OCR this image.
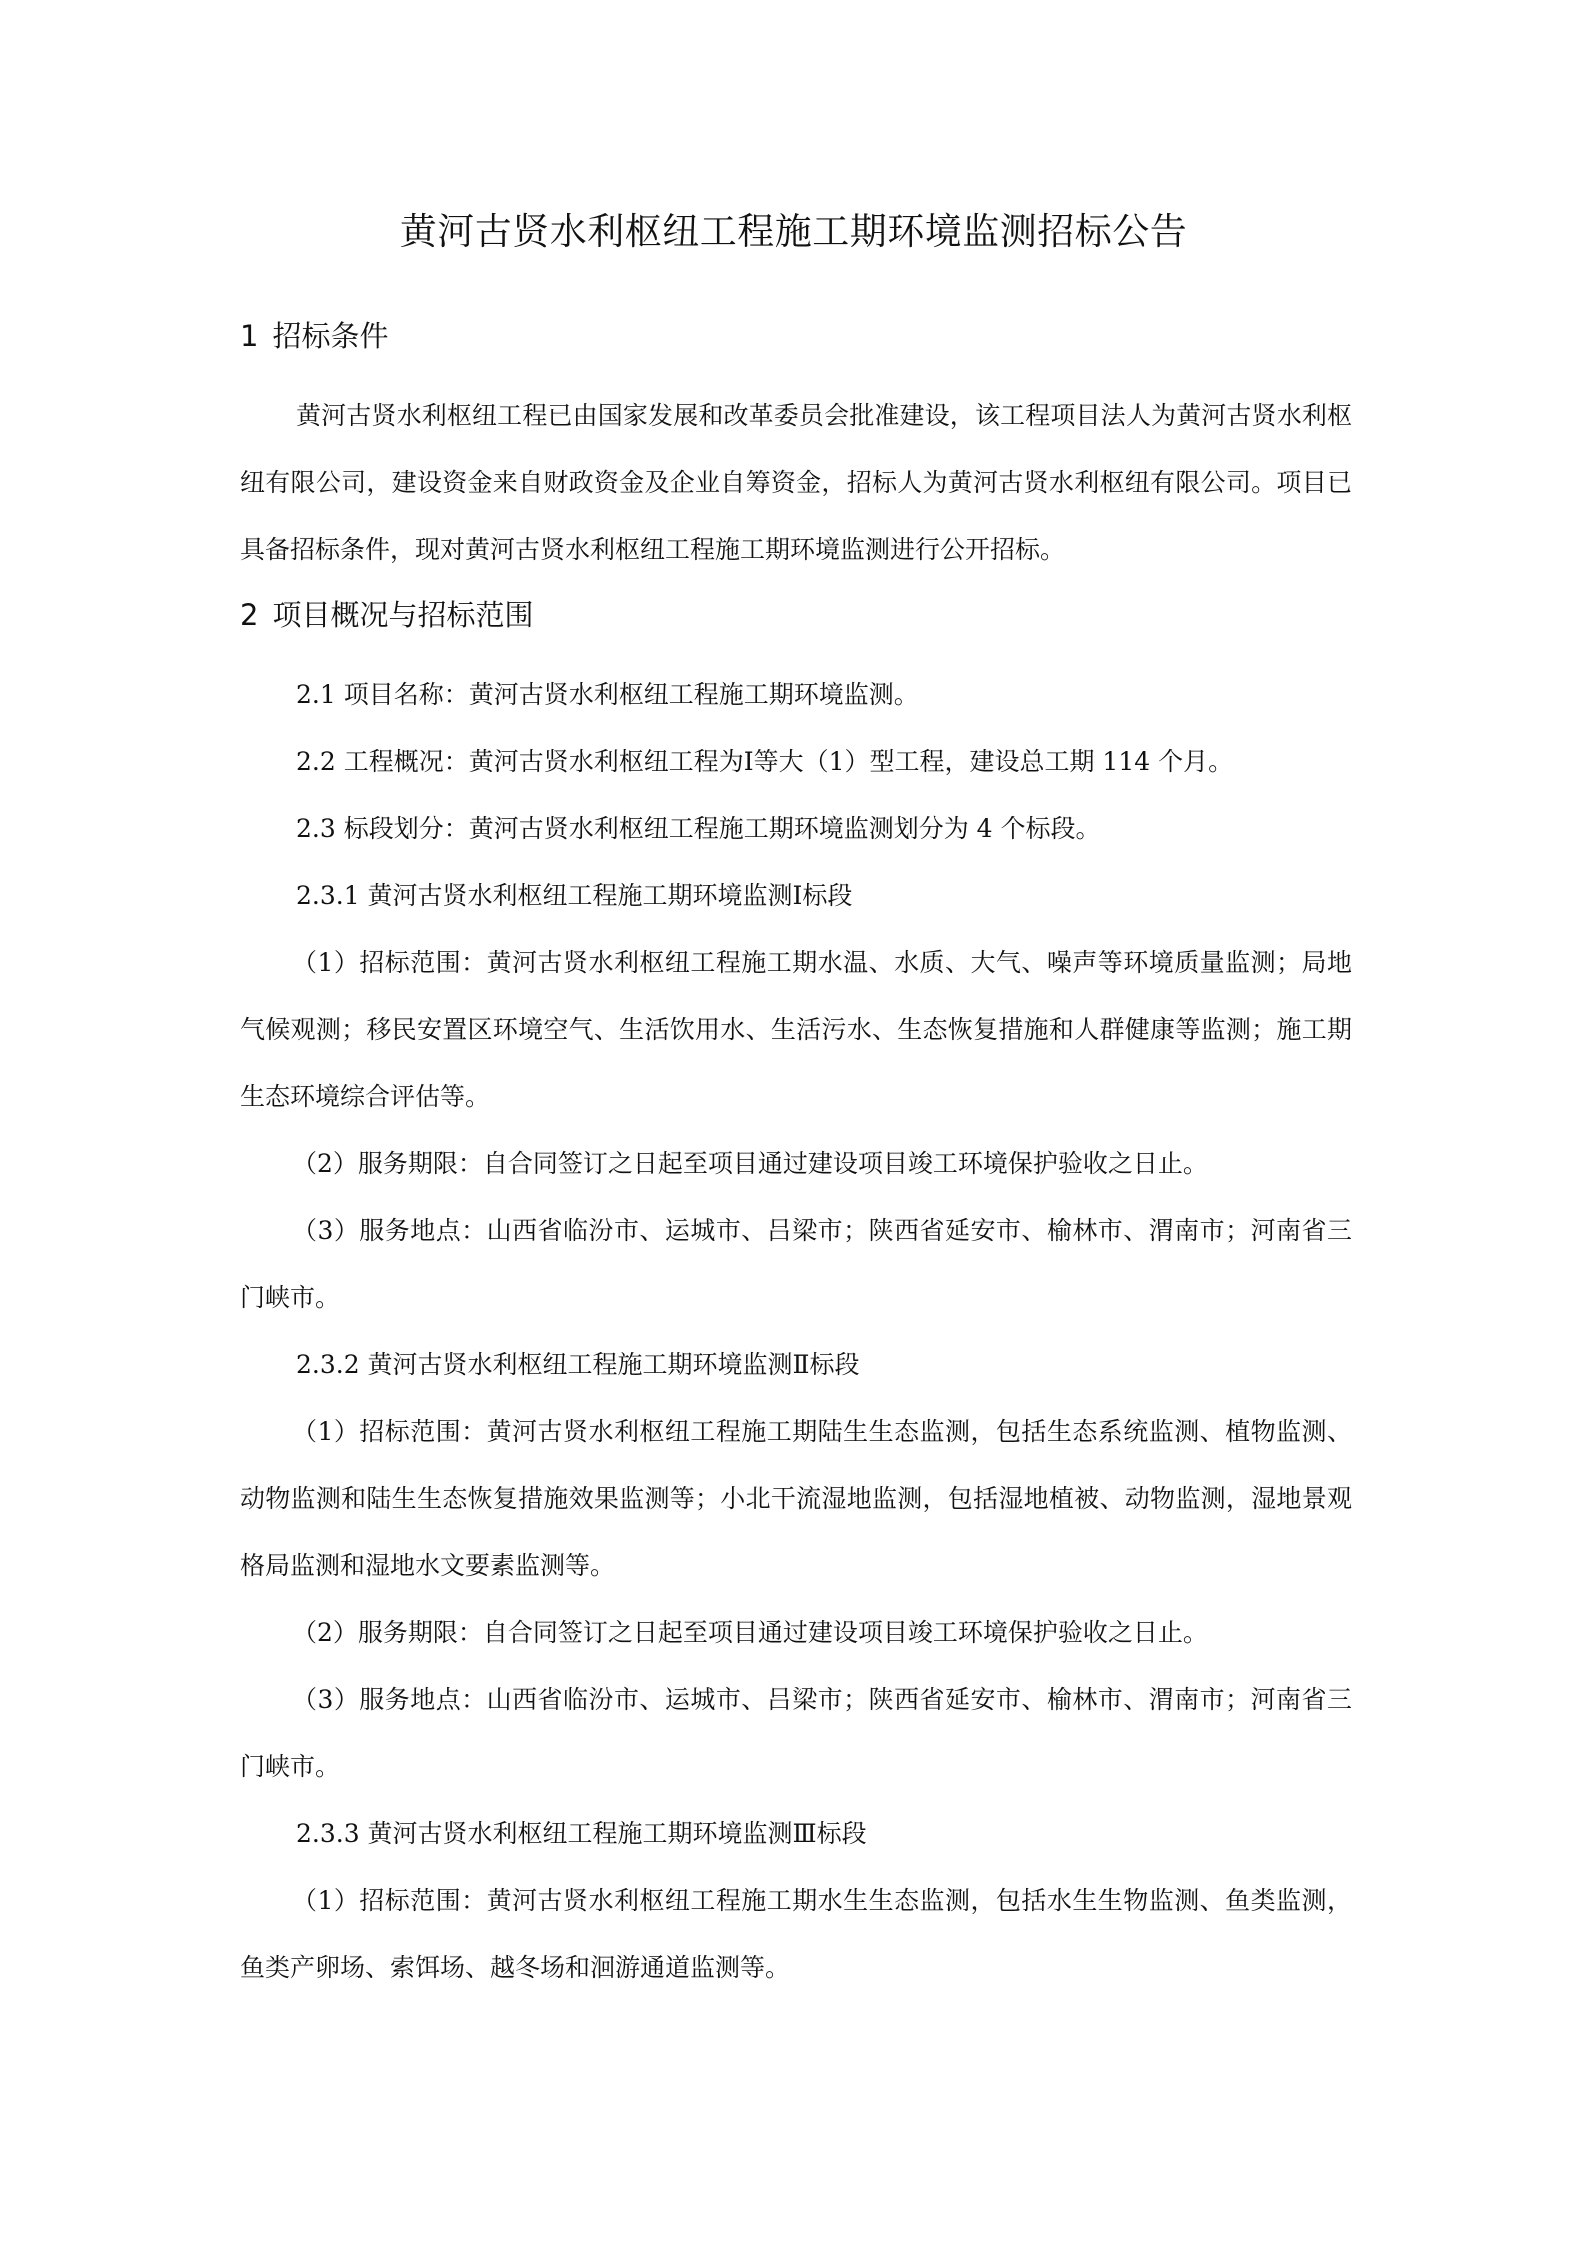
黄河古贤水利枢纽工程施工期环境监测招标公告
1 招标条件

黄河古贤水利枢纽工程已由国家发展和改革委员会批准建设，该工程项目法人为黄河古贤水利枢纽有限公司，建设资金来自财政资金及企业自筹资金，招标人为黄河古贤水利枢纽有限公司。项目已具备招标条件，现对黄河古贤水利枢纽工程施工期环境监测进行公开招标。

2 项目概况与招标范围

2.1 项目名称：黄河古贤水利枢纽工程施工期环境监测。

2.2 工程概况：黄河古贤水利枢纽工程为Ⅰ等大（1）型工程，建设总工期 114 个月。

2.3 标段划分：黄河古贤水利枢纽工程施工期环境监测划分为 4 个标段。

2.3.1 黄河古贤水利枢纽工程施工期环境监测Ⅰ标段

（1）招标范围：黄河古贤水利枢纽工程施工期水温、水质、大气、噪声等环境质量监测；局地气候观测；移民安置区环境空气、生活饮用水、生活污水、生态恢复措施和人群健康等监测；施工期生态环境综合评估等。

（2）服务期限：自合同签订之日起至项目通过建设项目竣工环境保护验收之日止。

（3）服务地点：山西省临汾市、运城市、吕梁市；陕西省延安市、榆林市、渭南市；河南省三门峡市。

2.3.2 黄河古贤水利枢纽工程施工期环境监测Ⅱ标段

（1）招标范围：黄河古贤水利枢纽工程施工期陆生生态监测，包括生态系统监测、植物监测、动物监测和陆生生态恢复措施效果监测等；小北干流湿地监测，包括湿地植被、动物监测，湿地景观格局监测和湿地水文要素监测等。

（2）服务期限：自合同签订之日起至项目通过建设项目竣工环境保护验收之日止。

（3）服务地点：山西省临汾市、运城市、吕梁市；陕西省延安市、榆林市、渭南市；河南省三门峡市。

2.3.3 黄河古贤水利枢纽工程施工期环境监测Ⅲ标段

（1）招标范围：黄河古贤水利枢纽工程施工期水生生态监测，包括水生生物监测、鱼类监测，鱼类产卵场、索饵场、越冬场和洄游通道监测等。
